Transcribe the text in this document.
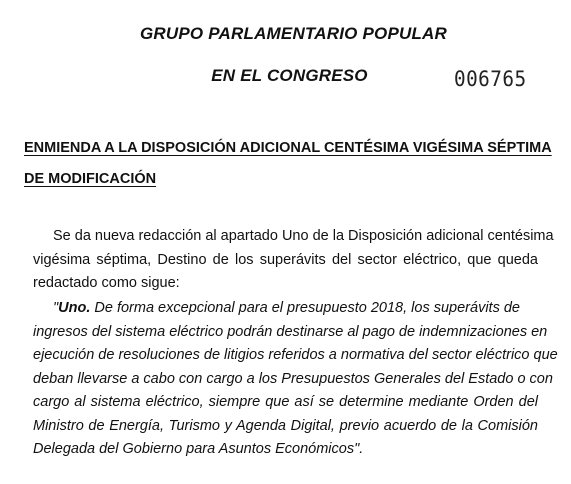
GRUPO PARLAMENTARIO POPULAR
EN EL CONGRESO	006765
ENMIENDA A LA DISPOSICIÓN ADICIONAL CENTÉSIMA VIGÉSIMA SÉPTIMA
DE MODIFICACIÓN
Se da nueva redacción al apartado Uno de la Disposición adicional centésima
vigésima séptima, Destino de los superávits del sector eléctrico, que queda
redactado como sigue:
"Uno. De forma excepcional para el presupuesto 2018, los superávits de
ingresos del sistema eléctrico podrán destinarse al pago de indemnizaciones en
ejecución de resoluciones de litigios referidos a normativa del sector eléctrico que
deban llevarse a cabo con cargo a los Presupuestos Generales del Estado o con
cargo al sistema eléctrico, siempre que así se determine mediante Orden del
Ministro de Energía, Turismo y Agenda Digital, previo acuerdo de la Comisión
Delegada del Gobierno para Asuntos Económicos".
